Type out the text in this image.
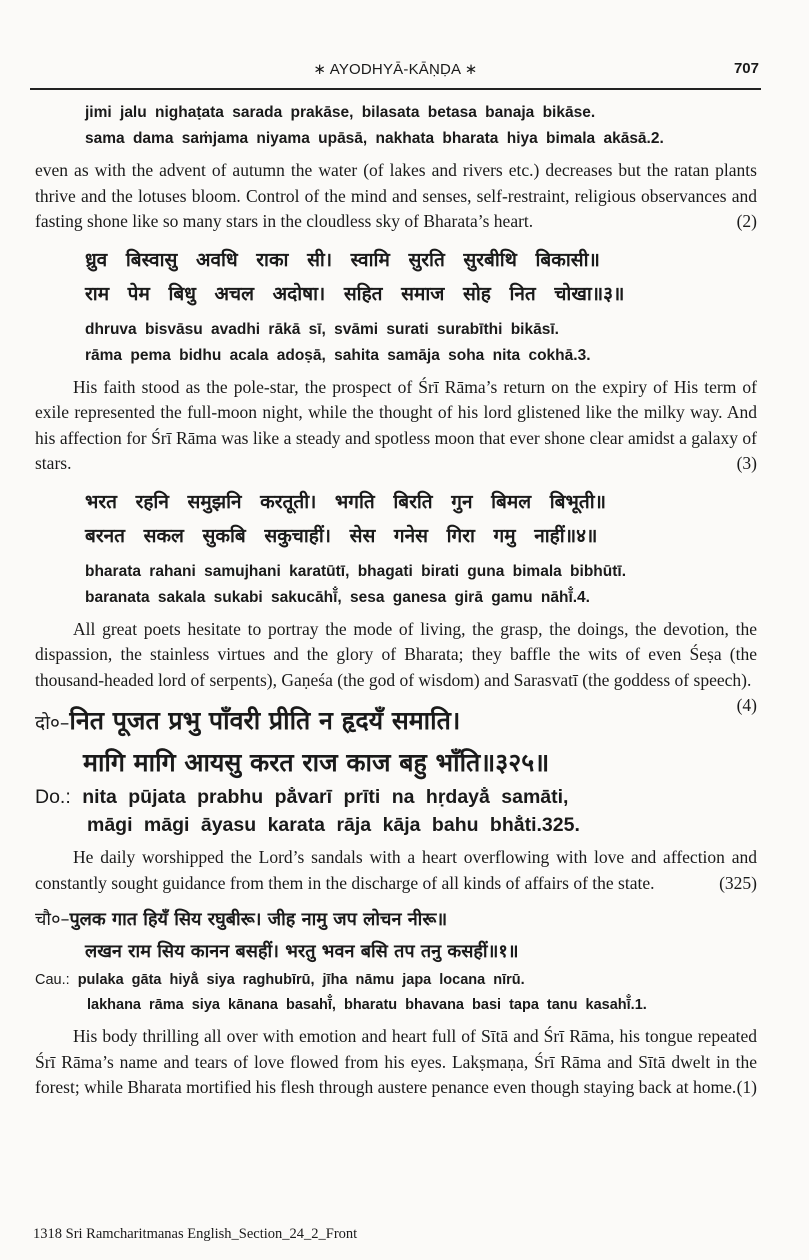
∗ AYODHYĀ-KĀṆḌA ∗	707
jimi jalu nighaṭata sarada prakāse, bilasata betasa banaja bikāse.
sama dama saṁjama niyama upāsā, nakhata bharata hiya bimala akāsā.2.
even as with the advent of autumn the water (of lakes and rivers etc.) decreases but the ratan plants thrive and the lotuses bloom. Control of the mind and senses, self-restraint, religious observances and fasting shone like so many stars in the cloudless sky of Bharata’s heart.	(2)
ध्रुव बिस्वासु अवधि राका सी। स्वामि सुरति सुरबीथि बिकासी॥
राम पेम बिधु अचल अदोषा। सहित समाज सोह नित चोखा॥३॥
dhruva bisvāsu avadhi rākā sī, svāmi surati surabīthi bikāsī.
rāma pema bidhu acala adoṣā, sahita samāja soha nita cokhā.3.
His faith stood as the pole-star, the prospect of Śrī Rāma’s return on the expiry of His term of exile represented the full-moon night, while the thought of his lord glistened like the milky way. And his affection for Śrī Rāma was like a steady and spotless moon that ever shone clear amidst a galaxy of stars.	(3)
भरत रहनि समुझनि करतूती। भगति बिरति गुन बिमल बिभूती॥
बरनत सकल सुकबि सकुचाहीं। सेस गनेस गिरा गमु नाहीं॥४॥
bharata rahani samujhani karatūtī, bhagati birati guna bimala bibhūtī.
baranata sakala sukabi sakucāhī̐, sesa ganesa girā gamu nāhī̐.4.
All great poets hesitate to portray the mode of living, the grasp, the doings, the devotion, the dispassion, the stainless virtues and the glory of Bharata; they baffle the wits of even Śeṣa (the thousand-headed lord of serpents), Gaṇeśa (the god of wisdom) and Sarasvatī (the goddess of speech).
(4)
दो०–नित पूजत प्रभु पाँवरी प्रीति न हृदयँ समाति।
मागि मागि आयसु करत राज काज बहु भाँति॥३२५॥
Do.: nita pūjata prabhu pā̐varī prīti na hṛdayā̐ samāti,
māgi māgi āyasu karata rāja kāja bahu bhā̐ti.325.
He daily worshipped the Lord’s sandals with a heart overflowing with love and affection and constantly sought guidance from them in the discharge of all kinds of affairs of the state.	(325)
चौ०–पुलक गात हियँ सिय रघुबीरू। जीह नामु जप लोचन नीरू॥
लखन राम सिय कानन बसहीं। भरतु भवन बसि तप तनु कसहीं॥१॥
Cau.: pulaka gāta hiyā̐ siya raghubīrū, jīha nāmu japa locana nīrū.
lakhana rāma siya kānana basahī̐, bharatu bhavana basi tapa tanu kasahī̐.1.
His body thrilling all over with emotion and heart full of Sītā and Śrī Rāma, his tongue repeated Śrī Rāma’s name and tears of love flowed from his eyes. Lakṣmaṇa, Śrī Rāma and Sītā dwelt in the forest; while Bharata mortified his flesh through austere penance even though staying back at home. (1)
1318 Sri Ramcharitmanas English_Section_24_2_Front
